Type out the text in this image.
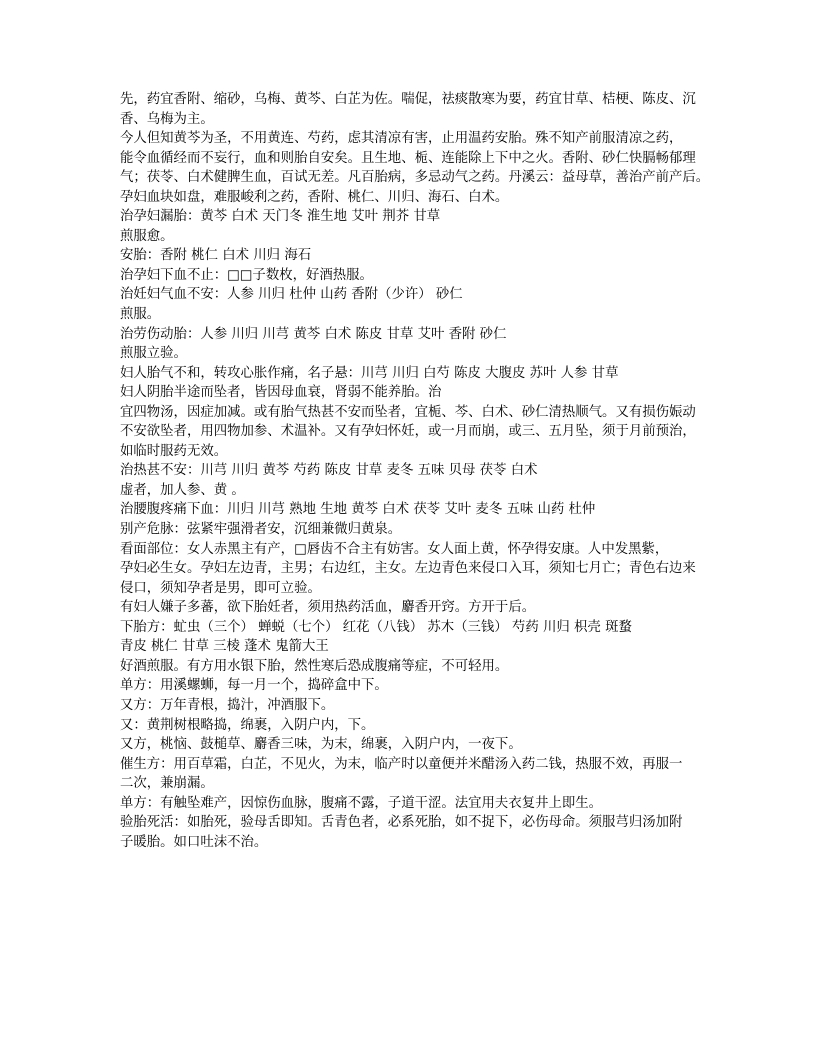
先，药宜香附、缩砂，乌梅、黄芩、白芷为佐。喘促，祛痰散寒为要，药宜甘草、桔梗、陈皮、沉
香、乌梅为主。
今人但知黄芩为圣，不用黄连、芍药，虑其清凉有害，止用温药安胎。殊不知产前服清凉之药，
能令血循经而不妄行，血和则胎自安矣。且生地、栀、连能除上下中之火。香附、砂仁快膈畅郁理
气；茯苓、白术健脾生血，百试无差。凡百胎病，多忌动气之药。丹溪云：益母草，善治产前产后。
孕妇血块如盘，难服峻利之药，香附、桃仁、川归、海石、白术。
治孕妇漏胎：黄芩 白术 天门冬 淮生地 艾叶 荆芥 甘草
煎服愈。
安胎：香附 桃仁 白术 川归 海石
治孕妇下血不止：□□子数枚，好酒热服。
治妊妇气血不安：人参 川归 杜仲 山药 香附（少许） 砂仁
煎服。
治劳伤动胎：人参 川归 川芎 黄芩 白术 陈皮 甘草 艾叶 香附 砂仁
煎服立验。
妇人胎气不和，转攻心胀作痛，名子悬：川芎 川归 白芍 陈皮 大腹皮 苏叶 人参 甘草
妇人阴胎半途而坠者，皆因母血衰，肾弱不能养胎。治
宜四物汤，因症加减。或有胎气热甚不安而坠者，宜栀、芩、白术、砂仁清热顺气。又有损伤娠动
不安欲坠者，用四物加参、术温补。又有孕妇怀妊，或一月而崩，或三、五月坠，须于月前预治，
如临时服药无效。
治热甚不安：川芎 川归 黄芩 芍药 陈皮 甘草 麦冬 五味 贝母 茯苓 白术
虚者，加人参、黄 。
治腰腹疼痛下血：川归 川芎 熟地 生地 黄芩 白术 茯苓 艾叶 麦冬 五味 山药 杜仲
别产危脉：弦紧牢强滑者安，沉细兼微归黄泉。
看面部位：女人赤黑主有产，□唇齿不合主有妨害。女人面上黄，怀孕得安康。人中发黑紫，
孕妇必生女。孕妇左边青，主男；右边红，主女。左边青色来侵口入耳，须知七月亡；青色右边来
侵口，须知孕者是男，即可立验。
有妇人嫌子多蕃，欲下胎妊者，须用热药活血，麝香开窍。方开于后。
下胎方：虻虫（三个） 蝉蜕（七个） 红花（八钱） 苏木（三钱） 芍药 川归 枳壳 斑蝥
青皮 桃仁 甘草 三棱 蓬术 鬼箭大王
好酒煎服。有方用水银下胎，然性寒后恐成腹痛等症，不可轻用。
单方：用溪螺蛳，每一月一个，捣碎盒中下。
又方：万年青根，捣汁，冲酒服下。
又：黄荆树根略捣，绵裹，入阴户内，下。
又方，桃恼、鼓槌草、麝香三味，为末，绵裹，入阴户内，一夜下。
催生方：用百草霜，白芷，不见火，为末，临产时以童便并米醋汤入药二钱，热服不效，再服一
二次，兼崩漏。
单方：有触坠难产，因惊伤血脉，腹痛不露，子道干涩。法宜用夫衣复井上即生。
验胎死活：如胎死，验母舌即知。舌青色者，必系死胎，如不捉下，必伤母命。须服芎归汤加附
子暖胎。如口吐沫不治。
